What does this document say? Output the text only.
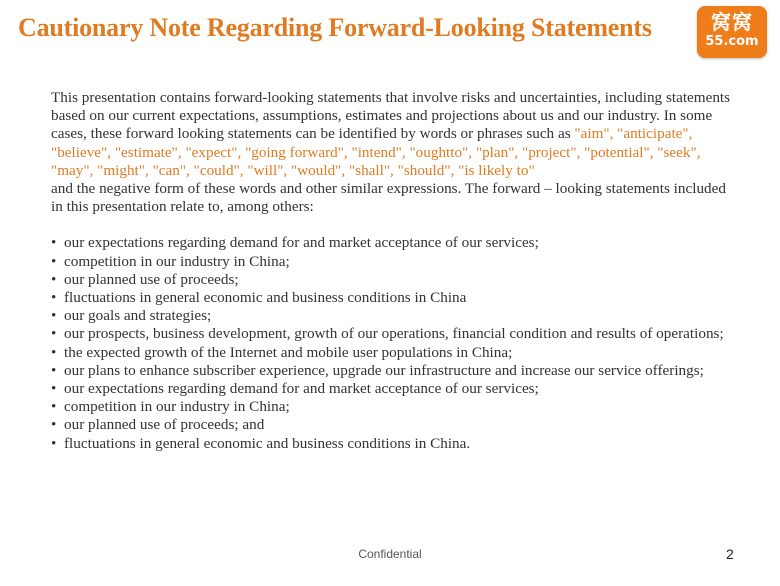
Cautionary Note Regarding Forward-Looking Statements	窝窝
55.com

This presentation contains forward-looking statements that involve risks and uncertainties, including statements based on our current expectations, assumptions, estimates and projections about us and our industry. In some cases, these forward looking statements can be identified by words or phrases such as "aim", "anticipate", "believe", "estimate", "expect", "going forward", "intend", "oughtto", "plan", "project", "potential", "seek", "may", "might", "can", "could", "will", "would", "shall", "should", "is likely to"

and the negative form of these words and other similar expressions. The forward – looking statements included in this presentation relate to, among others:

• our expectations regarding demand for and market acceptance of our services;
• competition in our industry in China;
• our planned use of proceeds;
• fluctuations in general economic and business conditions in China
• our goals and strategies;
• our prospects, business development, growth of our operations, financial condition and results of operations;
• the expected growth of the Internet and mobile user populations in China;
• our plans to enhance subscriber experience, upgrade our infrastructure and increase our service offerings;
• our expectations regarding demand for and market acceptance of our services;
• competition in our industry in China;
• our planned use of proceeds; and
• fluctuations in general economic and business conditions in China.
Confidential	2
